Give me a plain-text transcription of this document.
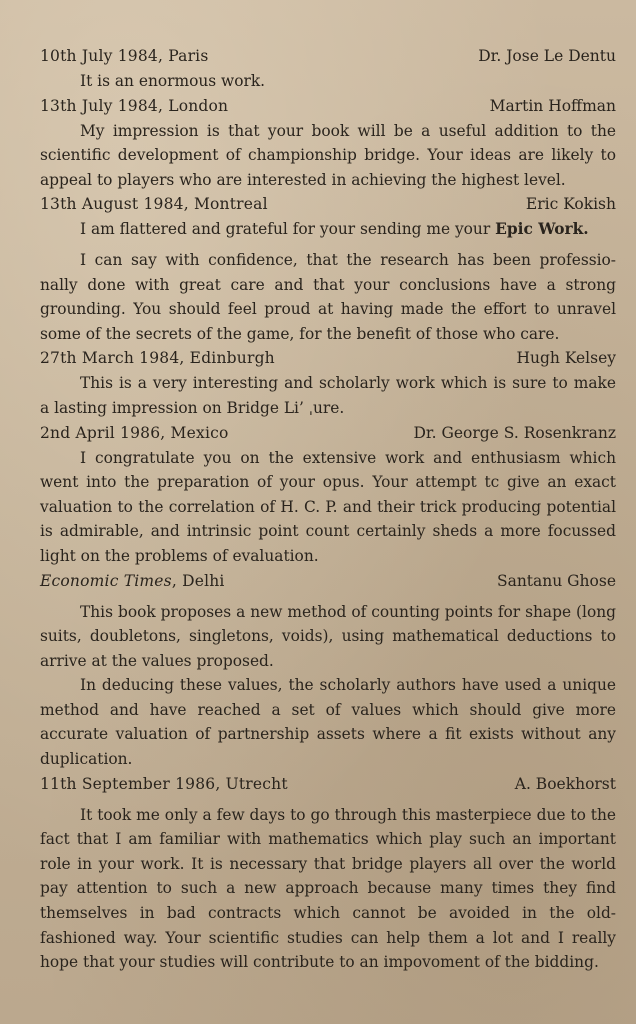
10th July 1984, Paris	Dr. Jose Le Dentu

It is an enormous work.

13th July 1984, London	Martin Hoffman

My impression is that your book will be a useful addition to the scientific development of championship bridge. Your ideas are likely to appeal to players who are interested in achieving the highest level.

13th August 1984, Montreal	Eric Kokish

I am flattered and grateful for your sending me your Epic Work.

I can say with confidence, that the research has been professio-nally done with great care and that your conclusions have a strong grounding. You should feel proud at having made the effort to unravel some of the secrets of the game, for the benefit of those who care.

27th March 1984, Edinburgh	Hugh Kelsey

This is a very interesting and scholarly work which is sure to make a lasting impression on Bridge Li’ ˌure.

2nd April 1986, Mexico	Dr. George S. Rosenkranz

I congratulate you on the extensive work and enthusiasm which went into the preparation of your opus. Your attempt tc give an exact valuation to the correlation of H. C. P. and their trick producing potential is admirable, and intrinsic point count certainly sheds a more focussed light on the problems of evaluation.

Economic Times, Delhi	Santanu Ghose

This book proposes a new method of counting points for shape (long suits, doubletons, singletons, voids), using mathematical deductions to arrive at the values proposed.

In deducing these values, the scholarly authors have used a unique method and have reached a set of values which should give more accurate valuation of partnership assets where a fit exists without any duplication.

11th September 1986, Utrecht	A. Boekhorst

It took me only a few days to go through this masterpiece due to the fact that I am familiar with mathematics which play such an important role in your work. It is necessary that bridge players all over the world pay attention to such a new approach because many times they find themselves in bad contracts which cannot be avoided in the old-fashioned way. Your scientific studies can help them a lot and I really hope that your studies will contribute to an impovoment of the bidding.
